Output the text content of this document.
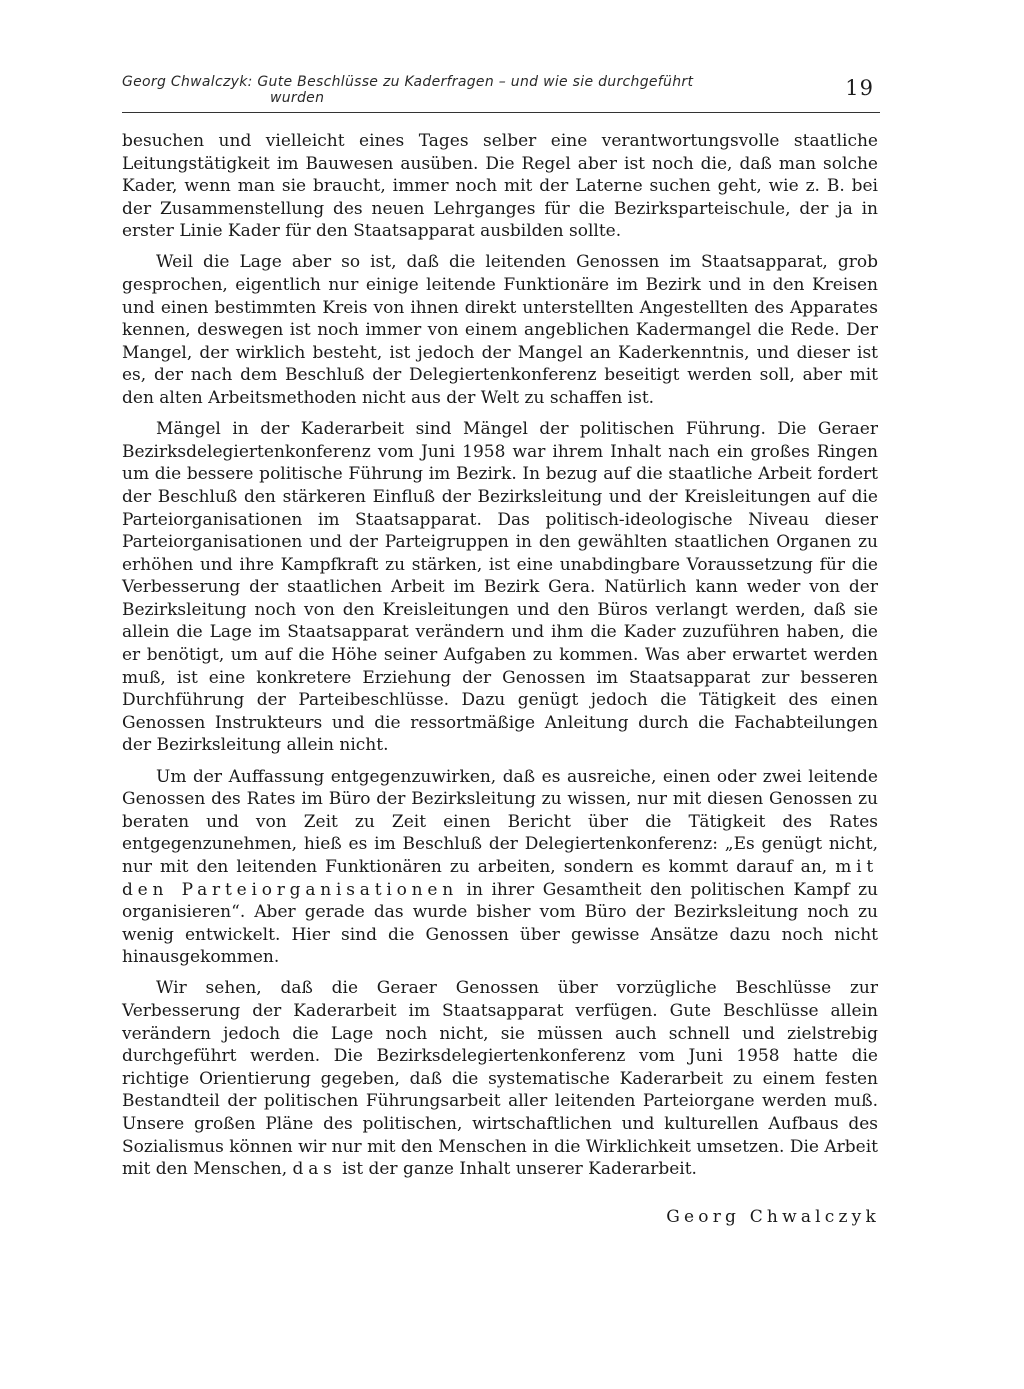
Georg Chwalczyk: Gute Beschlüsse zu Kaderfragen – und wie sie durchgeführt
wurden	19

besuchen und vielleicht eines Tages selber eine verantwortungsvolle staatliche Leitungstätigkeit im Bauwesen ausüben. Die Regel aber ist noch die, daß man solche Kader, wenn man sie braucht, immer noch mit der Laterne suchen geht, wie z. B. bei der Zusammenstellung des neuen Lehrganges für die Bezirksparteischule, der ja in erster Linie Kader für den Staatsapparat ausbilden sollte.

Weil die Lage aber so ist, daß die leitenden Genossen im Staatsapparat, grob gesprochen, eigentlich nur einige leitende Funktionäre im Bezirk und in den Kreisen und einen bestimmten Kreis von ihnen direkt unterstellten Angestellten des Apparates kennen, deswegen ist noch immer von einem angeblichen Kadermangel die Rede. Der Mangel, der wirklich besteht, ist jedoch der Mangel an Kaderkenntnis, und dieser ist es, der nach dem Beschluß der Delegiertenkonferenz beseitigt werden soll, aber mit den alten Arbeitsmethoden nicht aus der Welt zu schaffen ist.

Mängel in der Kaderarbeit sind Mängel der politischen Führung. Die Geraer Bezirksdelegiertenkonferenz vom Juni 1958 war ihrem Inhalt nach ein großes Ringen um die bessere politische Führung im Bezirk. In bezug auf die staatliche Arbeit fordert der Beschluß den stärkeren Einfluß der Bezirksleitung und der Kreisleitungen auf die Parteiorganisationen im Staatsapparat. Das politisch-ideologische Niveau dieser Parteiorganisationen und der Parteigruppen in den gewählten staatlichen Organen zu erhöhen und ihre Kampfkraft zu stärken, ist eine unabdingbare Voraussetzung für die Verbesserung der staatlichen Arbeit im Bezirk Gera. Natürlich kann weder von der Bezirksleitung noch von den Kreisleitungen und den Büros verlangt werden, daß sie allein die Lage im Staatsapparat verändern und ihm die Kader zuzuführen haben, die er benötigt, um auf die Höhe seiner Aufgaben zu kommen. Was aber erwartet werden muß, ist eine konkretere Erziehung der Genossen im Staatsapparat zur besseren Durchführung der Parteibeschlüsse. Dazu genügt jedoch die Tätigkeit des einen Genossen Instrukteurs und die ressortmäßige Anleitung durch die Fachabteilungen der Bezirksleitung allein nicht.

Um der Auffassung entgegenzuwirken, daß es ausreiche, einen oder zwei leitende Genossen des Rates im Büro der Bezirksleitung zu wissen, nur mit diesen Genossen zu beraten und von Zeit zu Zeit einen Bericht über die Tätigkeit des Rates entgegenzunehmen, hieß es im Beschluß der Delegiertenkonferenz: „Es genügt nicht, nur mit den leitenden Funktionären zu arbeiten, sondern es kommt darauf an, mit den Parteiorganisationen in ihrer Gesamtheit den politischen Kampf zu organisieren“. Aber gerade das wurde bisher vom Büro der Bezirksleitung noch zu wenig entwickelt. Hier sind die Genossen über gewisse Ansätze dazu noch nicht hinausgekommen.

Wir sehen, daß die Geraer Genossen über vorzügliche Beschlüsse zur Verbesserung der Kaderarbeit im Staatsapparat verfügen. Gute Beschlüsse allein verändern jedoch die Lage noch nicht, sie müssen auch schnell und zielstrebig durchgeführt werden. Die Bezirksdelegiertenkonferenz vom Juni 1958 hatte die richtige Orientierung gegeben, daß die systematische Kaderarbeit zu einem festen Bestandteil der politischen Führungsarbeit aller leitenden Parteiorgane werden muß. Unsere großen Pläne des politischen, wirtschaftlichen und kulturellen Aufbaus des Sozialismus können wir nur mit den Menschen in die Wirklichkeit umsetzen. Die Arbeit mit den Menschen, das ist der ganze Inhalt unserer Kaderarbeit.

Georg Chwalczyk
